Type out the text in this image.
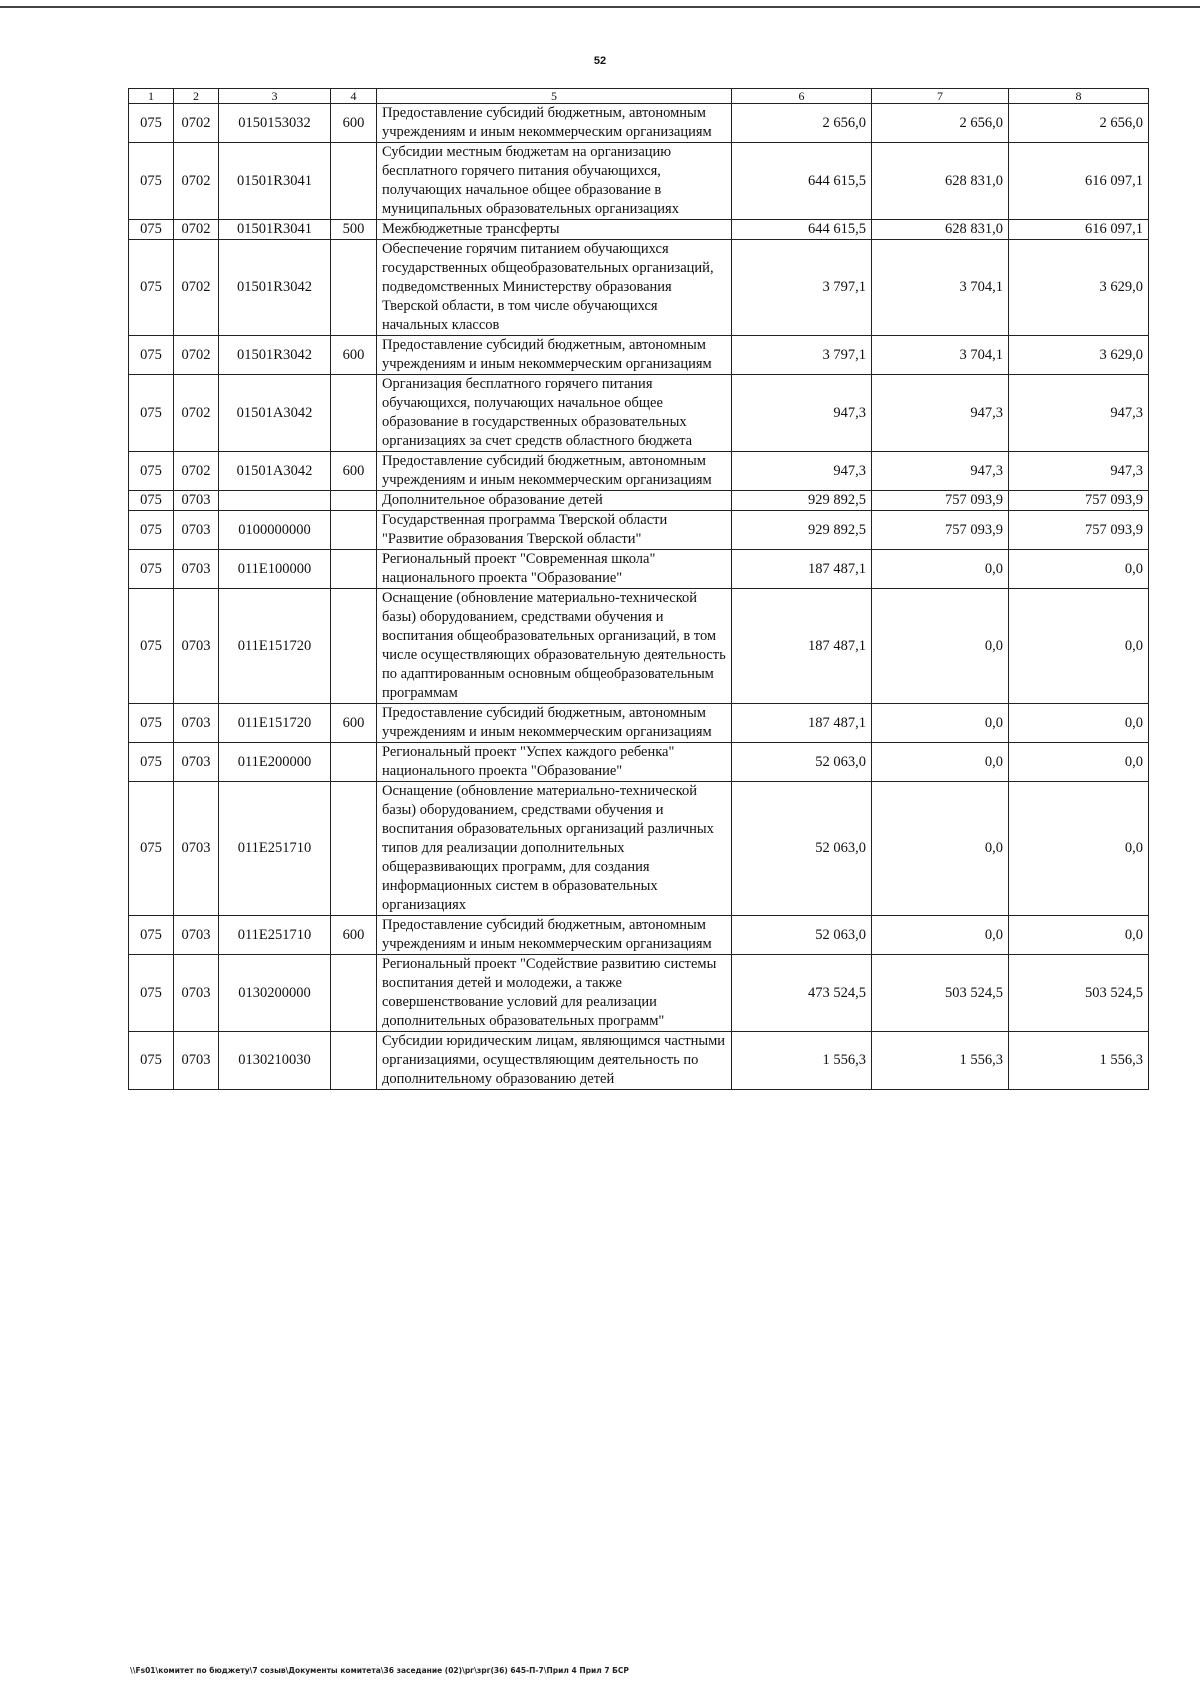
52
1	2	3	4	5	6	7	8
075	0702	0150153032	600	Предоставление субсидий бюджетным, автономным учреждениям и иным некоммерческим организациям	2 656,0	2 656,0	2 656,0
075	0702	01501R3041		Субсидии местным бюджетам на организацию бесплатного горячего питания обучающихся, получающих начальное общее образование в муниципальных образовательных организациях	644 615,5	628 831,0	616 097,1
075	0702	01501R3041	500	Межбюджетные трансферты	644 615,5	628 831,0	616 097,1
075	0702	01501R3042		Обеспечение горячим питанием обучающихся государственных общеобразовательных организаций, подведомственных Министерству образования Тверской области, в том числе обучающихся начальных классов	3 797,1	3 704,1	3 629,0
075	0702	01501R3042	600	Предоставление субсидий бюджетным, автономным учреждениям и иным некоммерческим организациям	3 797,1	3 704,1	3 629,0
075	0702	01501A3042		Организация бесплатного горячего питания обучающихся, получающих начальное общее образование в государственных образовательных организациях за счет средств областного бюджета	947,3	947,3	947,3
075	0702	01501A3042	600	Предоставление субсидий бюджетным, автономным учреждениям и иным некоммерческим организациям	947,3	947,3	947,3
075	0703			Дополнительное образование детей	929 892,5	757 093,9	757 093,9
075	0703	0100000000		Государственная программа Тверской области "Развитие образования Тверской области"	929 892,5	757 093,9	757 093,9
075	0703	011E100000		Региональный проект "Современная школа" национального проекта "Образование"	187 487,1	0,0	0,0
075	0703	011E151720		Оснащение (обновление материально-технической базы) оборудованием, средствами обучения и воспитания общеобразовательных организаций, в том числе осуществляющих образовательную деятельность по адаптированным основным общеобразовательным программам	187 487,1	0,0	0,0
075	0703	011E151720	600	Предоставление субсидий бюджетным, автономным учреждениям и иным некоммерческим организациям	187 487,1	0,0	0,0
075	0703	011E200000		Региональный проект "Успех каждого ребенка" национального проекта "Образование"	52 063,0	0,0	0,0
075	0703	011E251710		Оснащение (обновление материально-технической базы) оборудованием, средствами обучения и воспитания образовательных организаций различных типов для реализации дополнительных общеразвивающих программ, для создания информационных систем в образовательных организациях	52 063,0	0,0	0,0
075	0703	011E251710	600	Предоставление субсидий бюджетным, автономным учреждениям и иным некоммерческим организациям	52 063,0	0,0	0,0
075	0703	0130200000		Региональный проект "Содействие развитию системы воспитания детей и молодежи, а также совершенствование условий для реализации дополнительных образовательных программ"	473 524,5	503 524,5	503 524,5
075	0703	0130210030		Субсидии юридическим лицам, являющимся частными организациями, осуществляющим деятельность по дополнительному образованию детей	1 556,3	1 556,3	1 556,3
\\Fs01\комитет по бюджету\7 созыв\Документы комитета\36 заседание (02)\рг\зрг(36) 645-П-7\Прил 4 Прил 7 БСР
